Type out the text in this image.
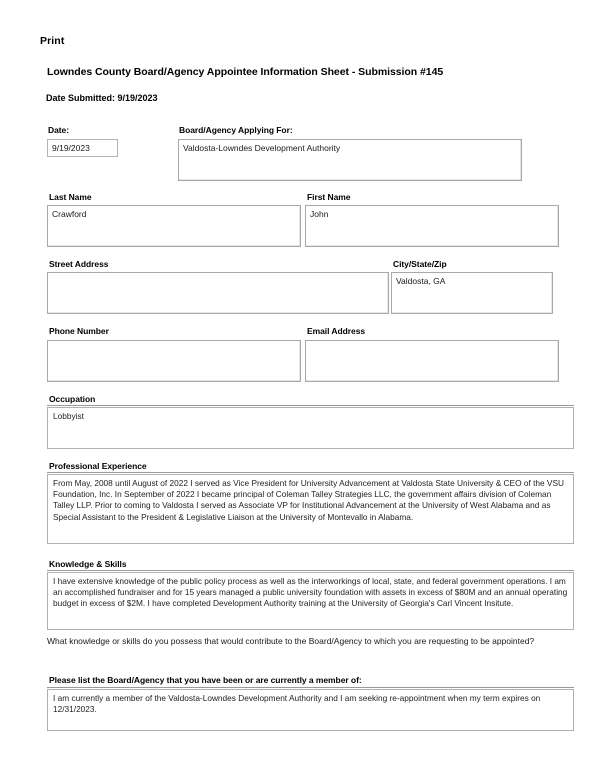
Print
Lowndes County Board/Agency Appointee Information Sheet - Submission #145
Date Submitted: 9/19/2023
Date:
9/19/2023
Board/Agency Applying For:
Valdosta-Lowndes Development Authority
Last Name
Crawford
First Name
John
Street Address	City/State/Zip
Valdosta, GA
Phone Number	Email Address
Occupation
Lobbyist
Professional Experience
From May, 2008 until August of 2022 I served as Vice President for University Advancement at Valdosta State University & CEO of the VSU Foundation, Inc. In September of 2022 I became principal of Coleman Talley Strategies LLC, the government affairs division of Coleman Talley LLP. Prior to coming to Valdosta I served as Associate VP for Institutional Advancement at the University of West Alabama and as Special Assistant to the President & Legislative Liaison at the University of Montevallo in Alabama.
Knowledge & Skills
I have extensive knowledge of the public policy process as well as the interworkings of local, state, and federal government operations. I am an accomplished fundraiser and for 15 years managed a public university foundation with assets in excess of $80M and an annual operating budget in excess of $2M. I have completed Development Authority training at the University of Georgia's Carl Vincent Insitute.
What knowledge or skills do you possess that would contribute to the Board/Agency to which you are requesting to be appointed?
Please list the Board/Agency that you have been or are currently a member of:
I am currently a member of the Valdosta-Lowndes Development Authority and I am seeking re-appointment when my term expires on 12/31/2023.
